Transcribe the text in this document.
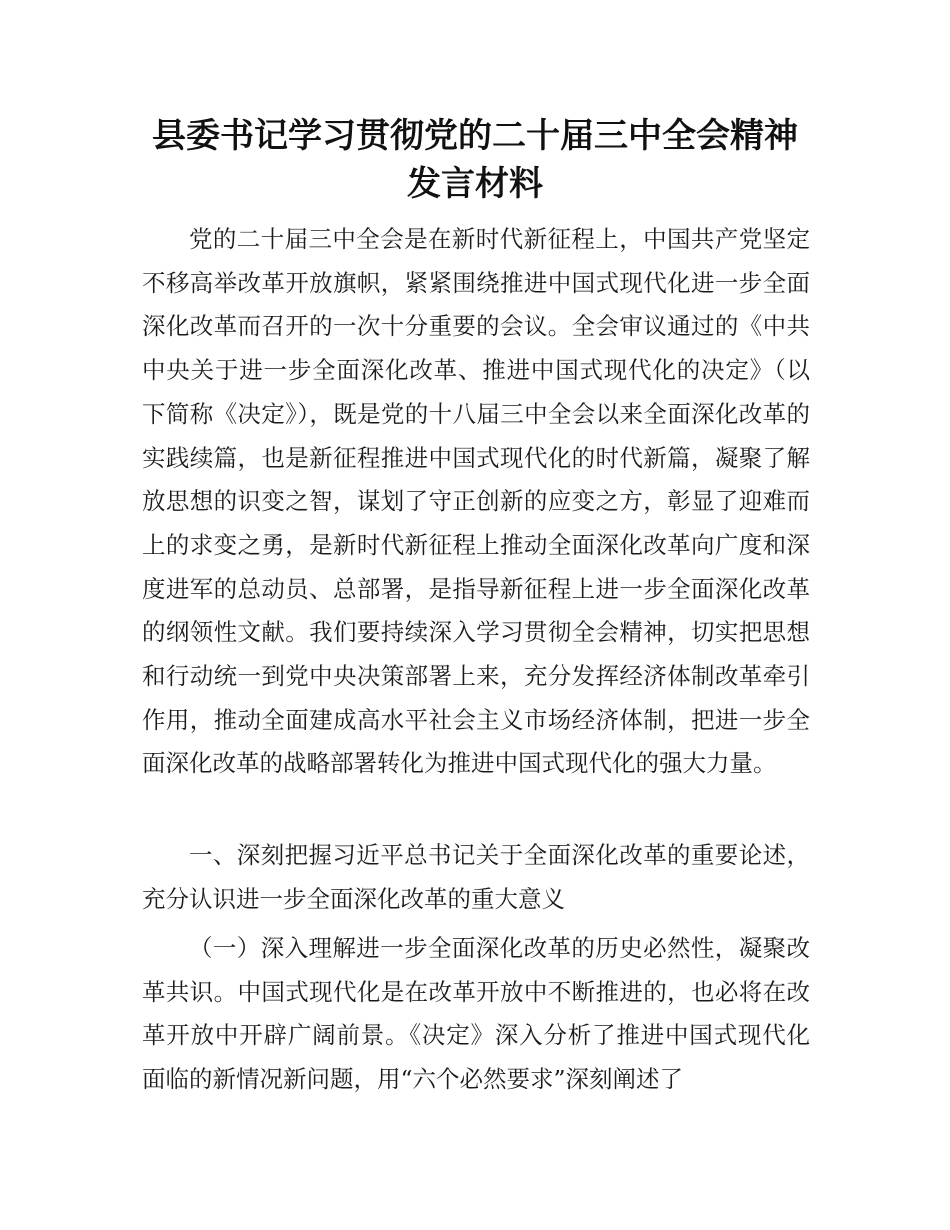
县委书记学习贯彻党的二十届三中全会精神发言材料

党的二十届三中全会是在新时代新征程上，中国共产党坚定不移高举改革开放旗帜，紧紧围绕推进中国式现代化进一步全面深化改革而召开的一次十分重要的会议。全会审议通过的《中共中央关于进一步全面深化改革、推进中国式现代化的决定》（以下简称《决定》），既是党的十八届三中全会以来全面深化改革的实践续篇，也是新征程推进中国式现代化的时代新篇，凝聚了解放思想的识变之智，谋划了守正创新的应变之方，彰显了迎难而上的求变之勇，是新时代新征程上推动全面深化改革向广度和深度进军的总动员、总部署，是指导新征程上进一步全面深化改革的纲领性文献。我们要持续深入学习贯彻全会精神，切实把思想和行动统一到党中央决策部署上来，充分发挥经济体制改革牵引作用，推动全面建成高水平社会主义市场经济体制，把进一步全面深化改革的战略部署转化为推进中国式现代化的强大力量。

一、深刻把握习近平总书记关于全面深化改革的重要论述，充分认识进一步全面深化改革的重大意义

（一）深入理解进一步全面深化改革的历史必然性，凝聚改革共识。中国式现代化是在改革开放中不断推进的，也必将在改革开放中开辟广阔前景。《决定》深入分析了推进中国式现代化面临的新情况新问题，用“六个必然要求”深刻阐述了
